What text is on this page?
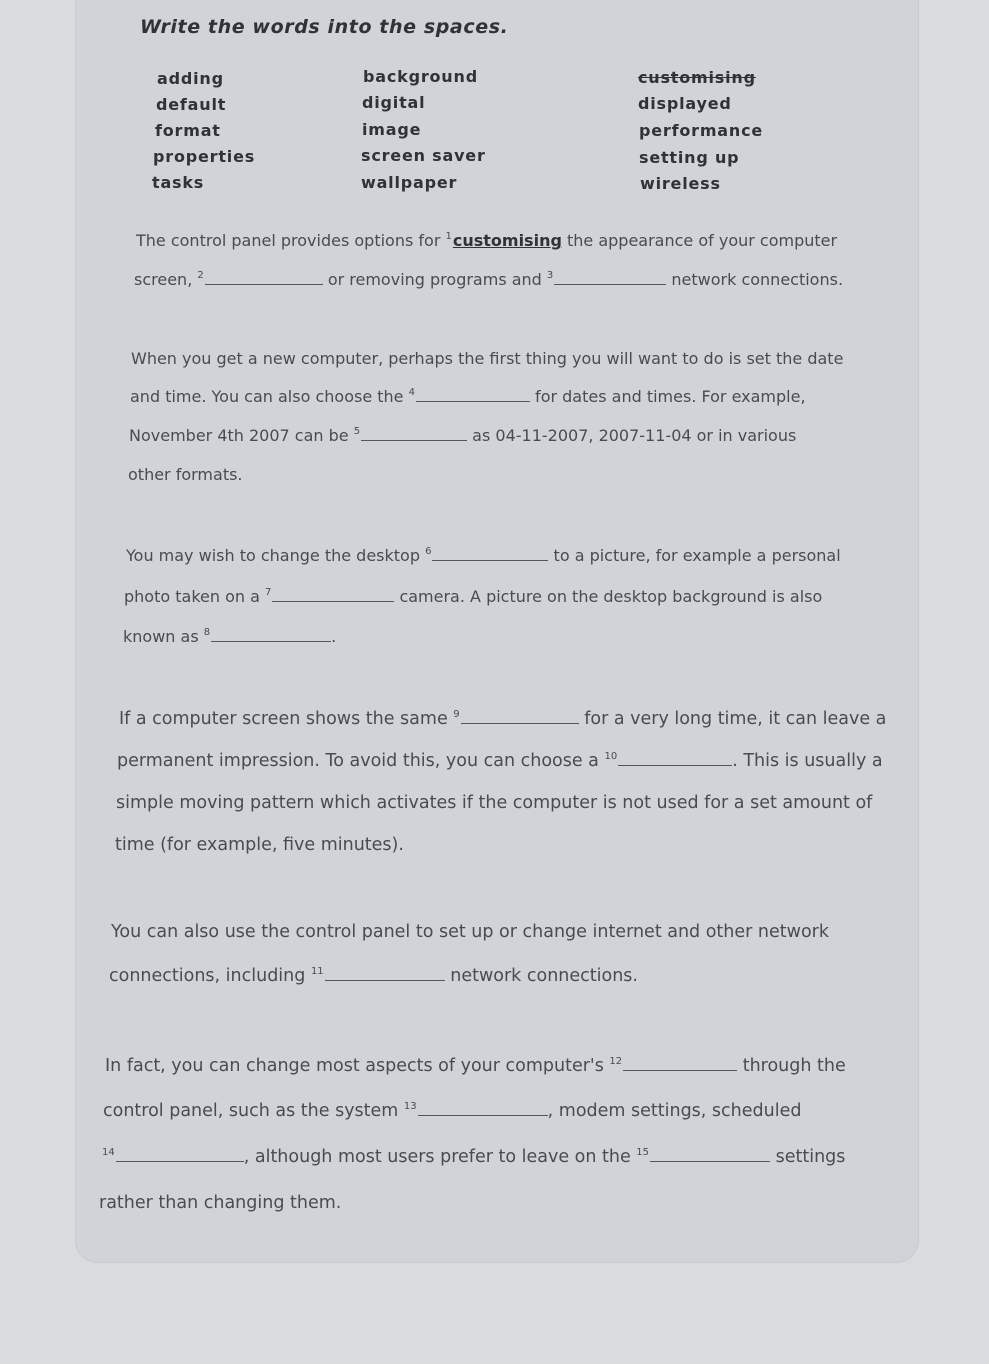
Write the words into the spaces.
adding	background	customising
default	digital	displayed
format	image	performance
properties	screen saver	setting up
tasks	wallpaper	wireless
The control panel provides options for $^1$customising the appearance of your computer
screen, $^2$	or removing programs and $^3$	network connections.
When you get a new computer, perhaps the first thing you will want to do is set the date
and time. You can also choose the $^4$	for dates and times. For example,
November 4th 2007 can be $^5$	as 04-11-2007, 2007-11-04 or in various
other formats.
You may wish to change the desktop $^6$	to a picture, for example a personal
photo taken on a $^7$	camera. A picture on the desktop background is also
known as $^8$	.
If a computer screen shows the same $^9$	for a very long time, it can leave a
permanent impression. To avoid this, you can choose a $^{10}$	. This is usually a
simple moving pattern which activates if the computer is not used for a set amount of
time (for example, five minutes).
You can also use the control panel to set up or change internet and other network
connections, including $^{11}$	network connections.
In fact, you can change most aspects of your computer's $^{12}$	through the
control panel, such as the system $^{13}$	, modem settings, scheduled
$^{14}$	, although most users prefer to leave on the $^{15}$	settings
rather than changing them.
